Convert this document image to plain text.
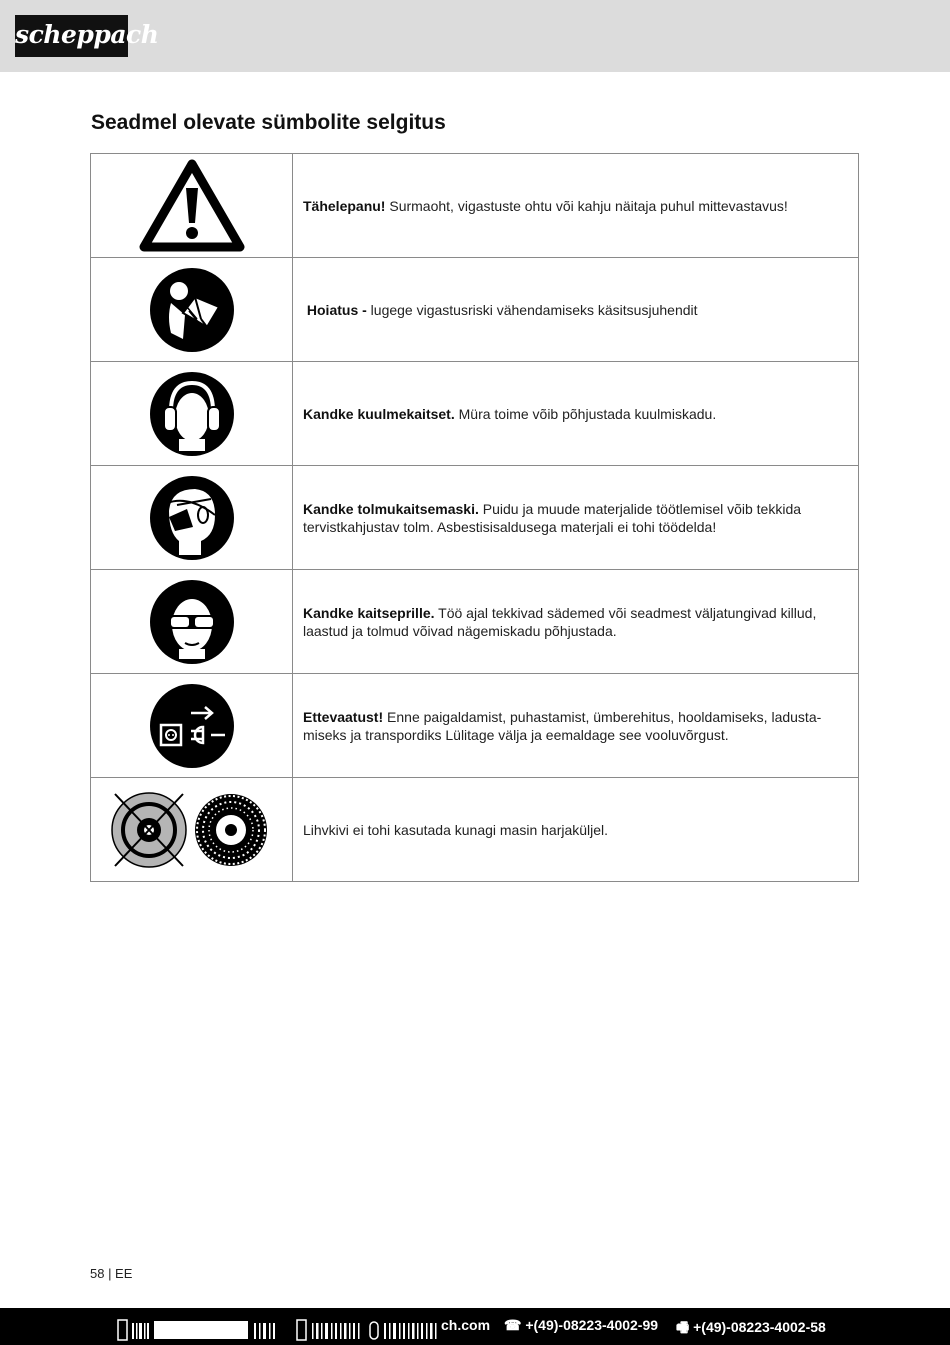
scheppach
Seadmel olevate sümbolite selgitus
	Tähelepanu! Surmaoht, vigastuste ohtu või kahju näitaja puhul mittevastavus!
	Hoiatus - lugege vigastusriski vähendamiseks käsitsusjuhendit
	Kandke kuulmekaitset. Müra toime võib põhjustada kuulmiskadu.
	Kandke tolmukaitsemaski. Puidu ja muude materjalide töötlemisel võib tekkida tervistkahjustav tolm. Asbestisisaldusega materjali ei tohi töödelda!
	Kandke kaitseprille. Töö ajal tekkivad sädemed või seadmest väljatungivad killud, laastud ja tolmud võivad nägemiskadu põhjustada.
	Ettevaatust! Enne paigaldamist, puhastamist, ümberehitus, hooldamiseks, ladusta-miseks ja transpordiks Lülitage välja ja eemaldage see vooluvõrgust.
	Lihvkivi ei tohi kasutada kunagi masin harjaküljel.
58 | EE
ch.com ☎ +(49)-08223-4002-99 🖷 +(49)-08223-4002-58
